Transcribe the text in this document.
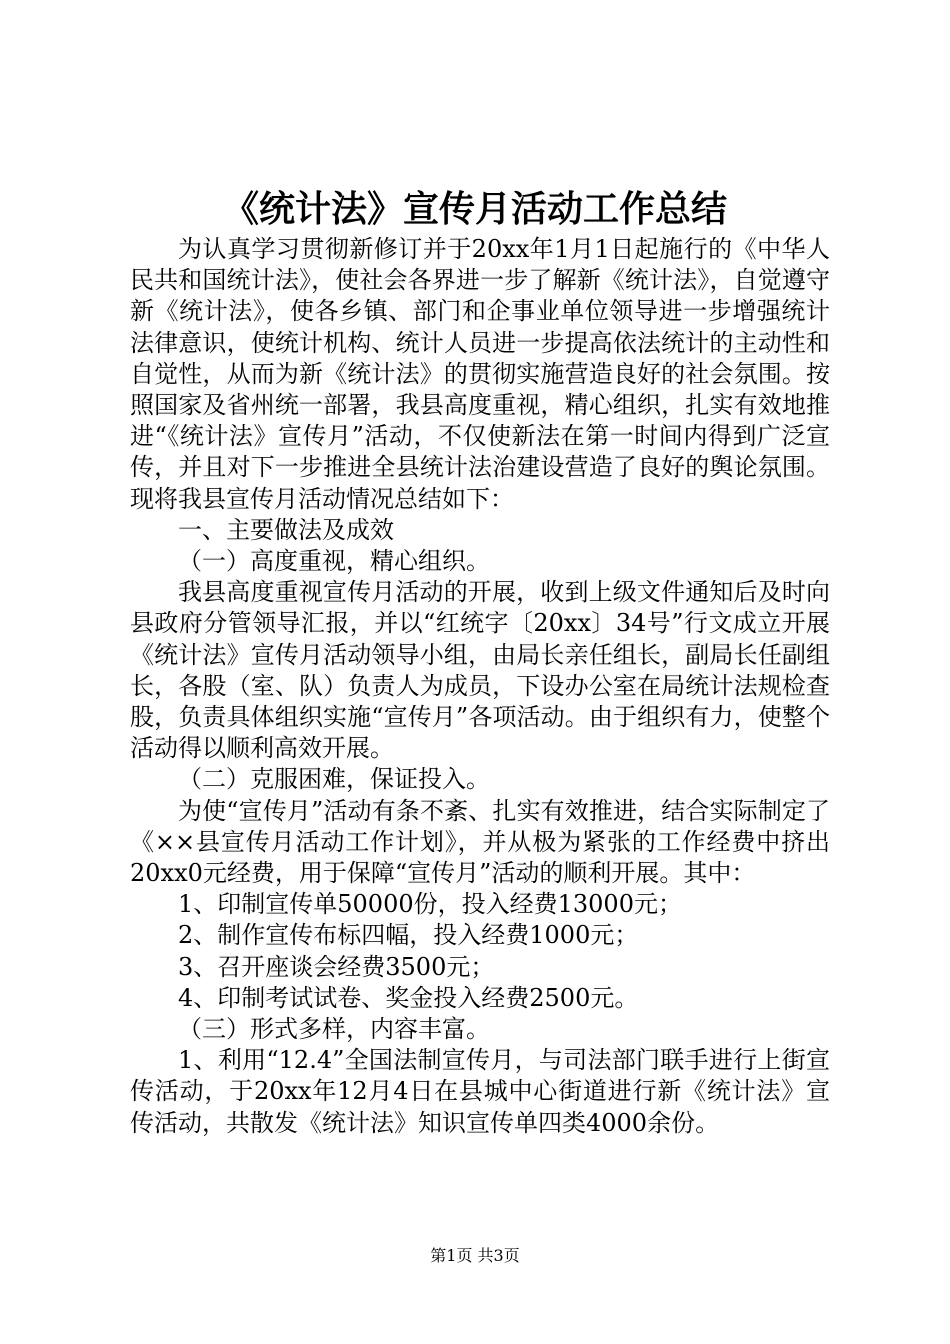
《统计法》宣传月活动工作总结

为认真学习贯彻新修订并于20xx年1月1日起施行的《中华人民共和国统计法》，使社会各界进一步了解新《统计法》，自觉遵守新《统计法》，使各乡镇、部门和企事业单位领导进一步增强统计法律意识，使统计机构、统计人员进一步提高依法统计的主动性和自觉性，从而为新《统计法》的贯彻实施营造良好的社会氛围。按照国家及省州统一部署，我县高度重视，精心组织，扎实有效地推进“《统计法》宣传月”活动，不仅使新法在第一时间内得到广泛宣传，并且对下一步推进全县统计法治建设营造了良好的舆论氛围。现将我县宣传月活动情况总结如下：

一、主要做法及成效

（一）高度重视，精心组织。

我县高度重视宣传月活动的开展，收到上级文件通知后及时向县政府分管领导汇报，并以“红统字〔20xx〕34号”行文成立开展《统计法》宣传月活动领导小组，由局长亲任组长，副局长任副组长，各股（室、队）负责人为成员，下设办公室在局统计法规检查股，负责具体组织实施“宣传月”各项活动。由于组织有力，使整个活动得以顺利高效开展。

（二）克服困难，保证投入。

为使“宣传月”活动有条不紊、扎实有效推进，结合实际制定了《××县宣传月活动工作计划》，并从极为紧张的工作经费中挤出20xx0元经费，用于保障“宣传月”活动的顺利开展。其中：

1、印制宣传单50000份，投入经费13000元；

2、制作宣传布标四幅，投入经费1000元；

3、召开座谈会经费3500元；

4、印制考试试卷、奖金投入经费2500元。

（三）形式多样，内容丰富。

1、利用“12.4”全国法制宣传月，与司法部门联手进行上街宣传活动，于20xx年12月4日在县城中心街道进行新《统计法》宣传活动，共散发《统计法》知识宣传单四类4000余份。

第1页 共3页
